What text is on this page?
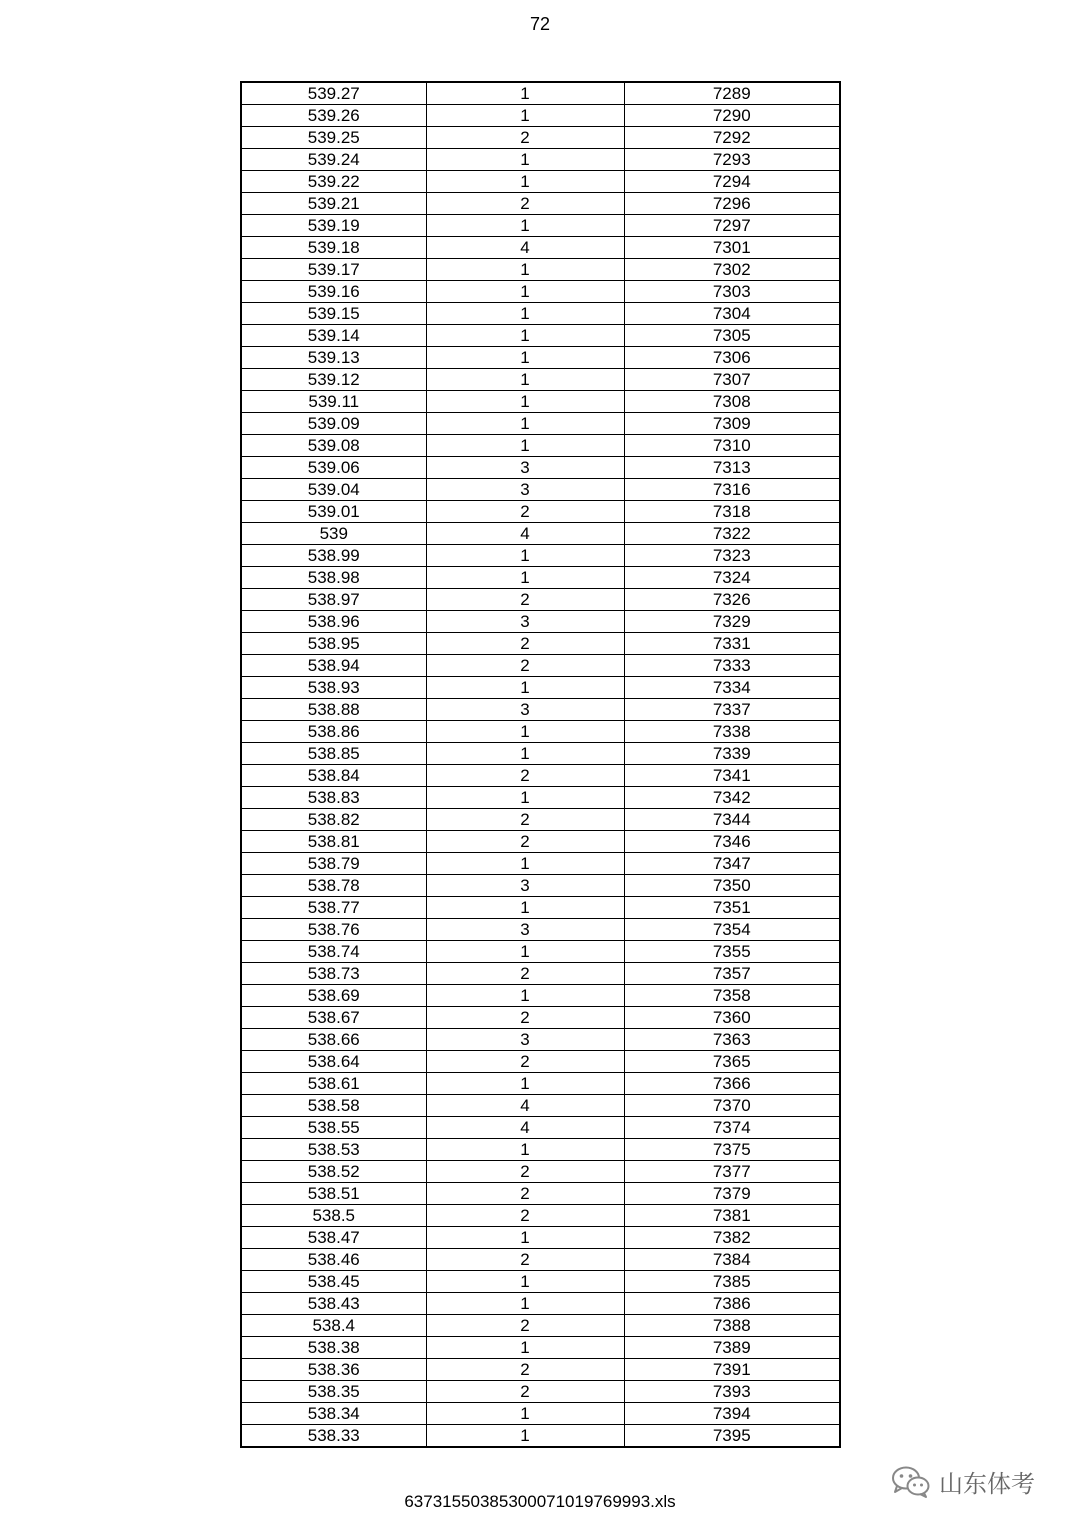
72
539.27	1	7289
539.26	1	7290
539.25	2	7292
539.24	1	7293
539.22	1	7294
539.21	2	7296
539.19	1	7297
539.18	4	7301
539.17	1	7302
539.16	1	7303
539.15	1	7304
539.14	1	7305
539.13	1	7306
539.12	1	7307
539.11	1	7308
539.09	1	7309
539.08	1	7310
539.06	3	7313
539.04	3	7316
539.01	2	7318
539	4	7322
538.99	1	7323
538.98	1	7324
538.97	2	7326
538.96	3	7329
538.95	2	7331
538.94	2	7333
538.93	1	7334
538.88	3	7337
538.86	1	7338
538.85	1	7339
538.84	2	7341
538.83	1	7342
538.82	2	7344
538.81	2	7346
538.79	1	7347
538.78	3	7350
538.77	1	7351
538.76	3	7354
538.74	1	7355
538.73	2	7357
538.69	1	7358
538.67	2	7360
538.66	3	7363
538.64	2	7365
538.61	1	7366
538.58	4	7370
538.55	4	7374
538.53	1	7375
538.52	2	7377
538.51	2	7379
538.5	2	7381
538.47	1	7382
538.46	2	7384
538.45	1	7385
538.43	1	7386
538.4	2	7388
538.38	1	7389
538.36	2	7391
538.35	2	7393
538.34	1	7394
538.33	1	7395
山东体考
63731550385300071019769993.xls
